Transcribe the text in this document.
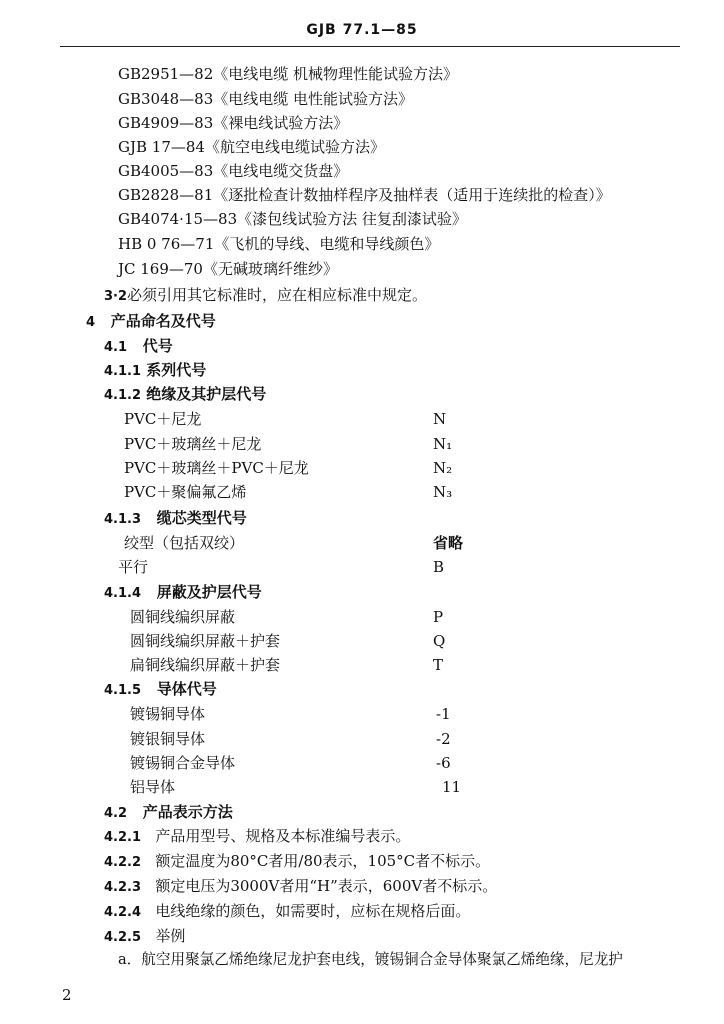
GJB 77.1—85
GB2951—82《电线电缆 机械物理性能试验方法》
GB3048—83《电线电缆 电性能试验方法》
GB4909—83《裸电线试验方法》
GJB 17—84《航空电线电缆试验方法》
GB4005—83《电线电缆交货盘》
GB2828—81《逐批检查计数抽样程序及抽样表（适用于连续批的检查）》
GB4074·15—83《漆包线试验方法 往复刮漆试验》
HB 0 76—71《飞机的导线、电缆和导线颜色》
JC 169—70《无碱玻璃纤维纱》
3·2必须引用其它标准时，应在相应标准中规定。
4 产品命名及代号
4.1 代号
4.1.1 系列代号
4.1.2 绝缘及其护层代号
PVC＋尼龙	N
PVC＋玻璃丝＋尼龙	N₁
PVC＋玻璃丝＋PVC＋尼龙	N₂
PVC＋聚偏氟乙烯	N₃
4.1.3 缆芯类型代号
绞型（包括双绞）	省略
平行	B
4.1.4 屏蔽及护层代号
圆铜线编织屏蔽	P
圆铜线编织屏蔽＋护套	Q
扁铜线编织屏蔽＋护套	T
4.1.5 导体代号
镀锡铜导体	-1
镀银铜导体	-2
镀锡铜合金导体	-6
铝导体	11
4.2 产品表示方法
4.2.1 产品用型号、规格及本标准编号表示。
4.2.2 额定温度为80°C者用/80表示，105°C者不标示。
4.2.3 额定电压为3000V者用“H”表示，600V者不标示。
4.2.4 电线绝缘的颜色，如需要时，应标在规格后面。
4.2.5 举例
a．航空用聚氯乙烯绝缘尼龙护套电线，镀锡铜合金导体聚氯乙烯绝缘，尼龙护
2
